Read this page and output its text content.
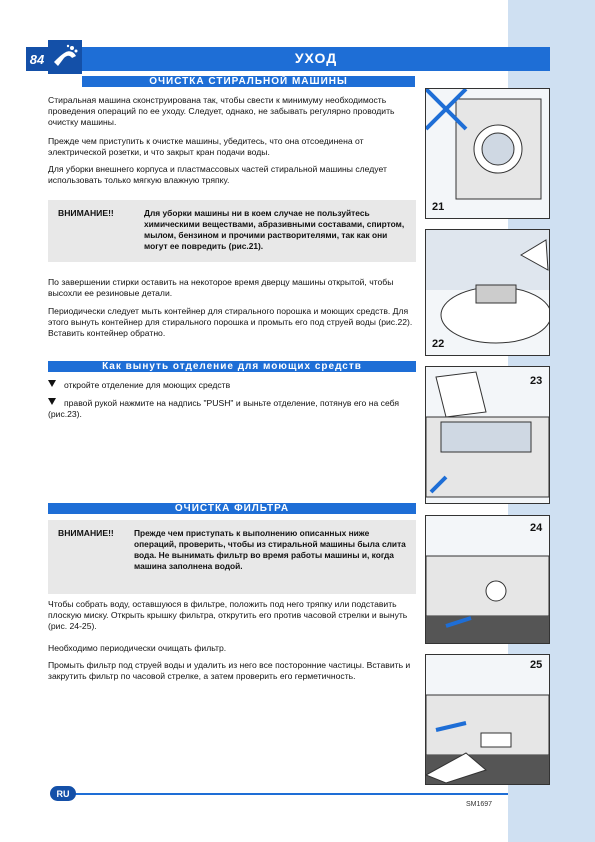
84	УХОД
ОЧИСТКА СТИРАЛЬНОЙ МАШИНЫ
Стиральная машина сконструирована так, чтобы свести к минимуму необходимость проведения операций по ее уходу. Следует, однако, не забывать регулярно проводить очистку машины.
Прежде чем приступить к очистке машины, убедитесь, что она отсоединена от электрической розетки, и что закрыт кран подачи воды.
Для уборки внешнего корпуса и пластмассовых частей стиральной машины следует использовать только мягкую влажную тряпку.
ВНИМАНИЕ!!	Для уборки машины ни в коем случае не пользуйтесь химическими веществами, абразивными составами, спиртом, мылом, бензином и прочими растворителями, так как они могут ее повредить (рис.21).
По завершении стирки оставить на некоторое время дверцу машины открытой, чтобы высохли ее резиновые детали.
Периодически следует мыть контейнер для стирального порошка и моющих средств. Для этого вынуть контейнер для стирального порошка и промыть его под струей воды (рис.22). Вставить контейнер обратно.
Как вынуть отделение для моющих средств
откройте отделение для моющих средств
правой рукой нажмите на надпись "PUSH" и выньте отделение, потянув его на себя (рис.23).
ОЧИСТКА ФИЛЬТРА
ВНИМАНИЕ!! Прежде чем приступать к выполнению описанных ниже операций, проверить, чтобы из стиральной машины была слита вода. Не вынимать фильтр во время работы машины и, когда машина заполнена водой.
Чтобы собрать воду, оставшуюся в фильтре, положить под него тряпку или подставить плоскую миску. Открыть крышку фильтра, открутить его против часовой стрелки и вынуть (рис. 24-25).
Необходимо периодически очищать фильтр.
Промыть фильтр под струей воды и удалить из него все посторонние частицы. Вставить и закрутить фильтр по часовой стрелке, а затем проверить его герметичность.
21
22
23
24
25
RU
SM1697
